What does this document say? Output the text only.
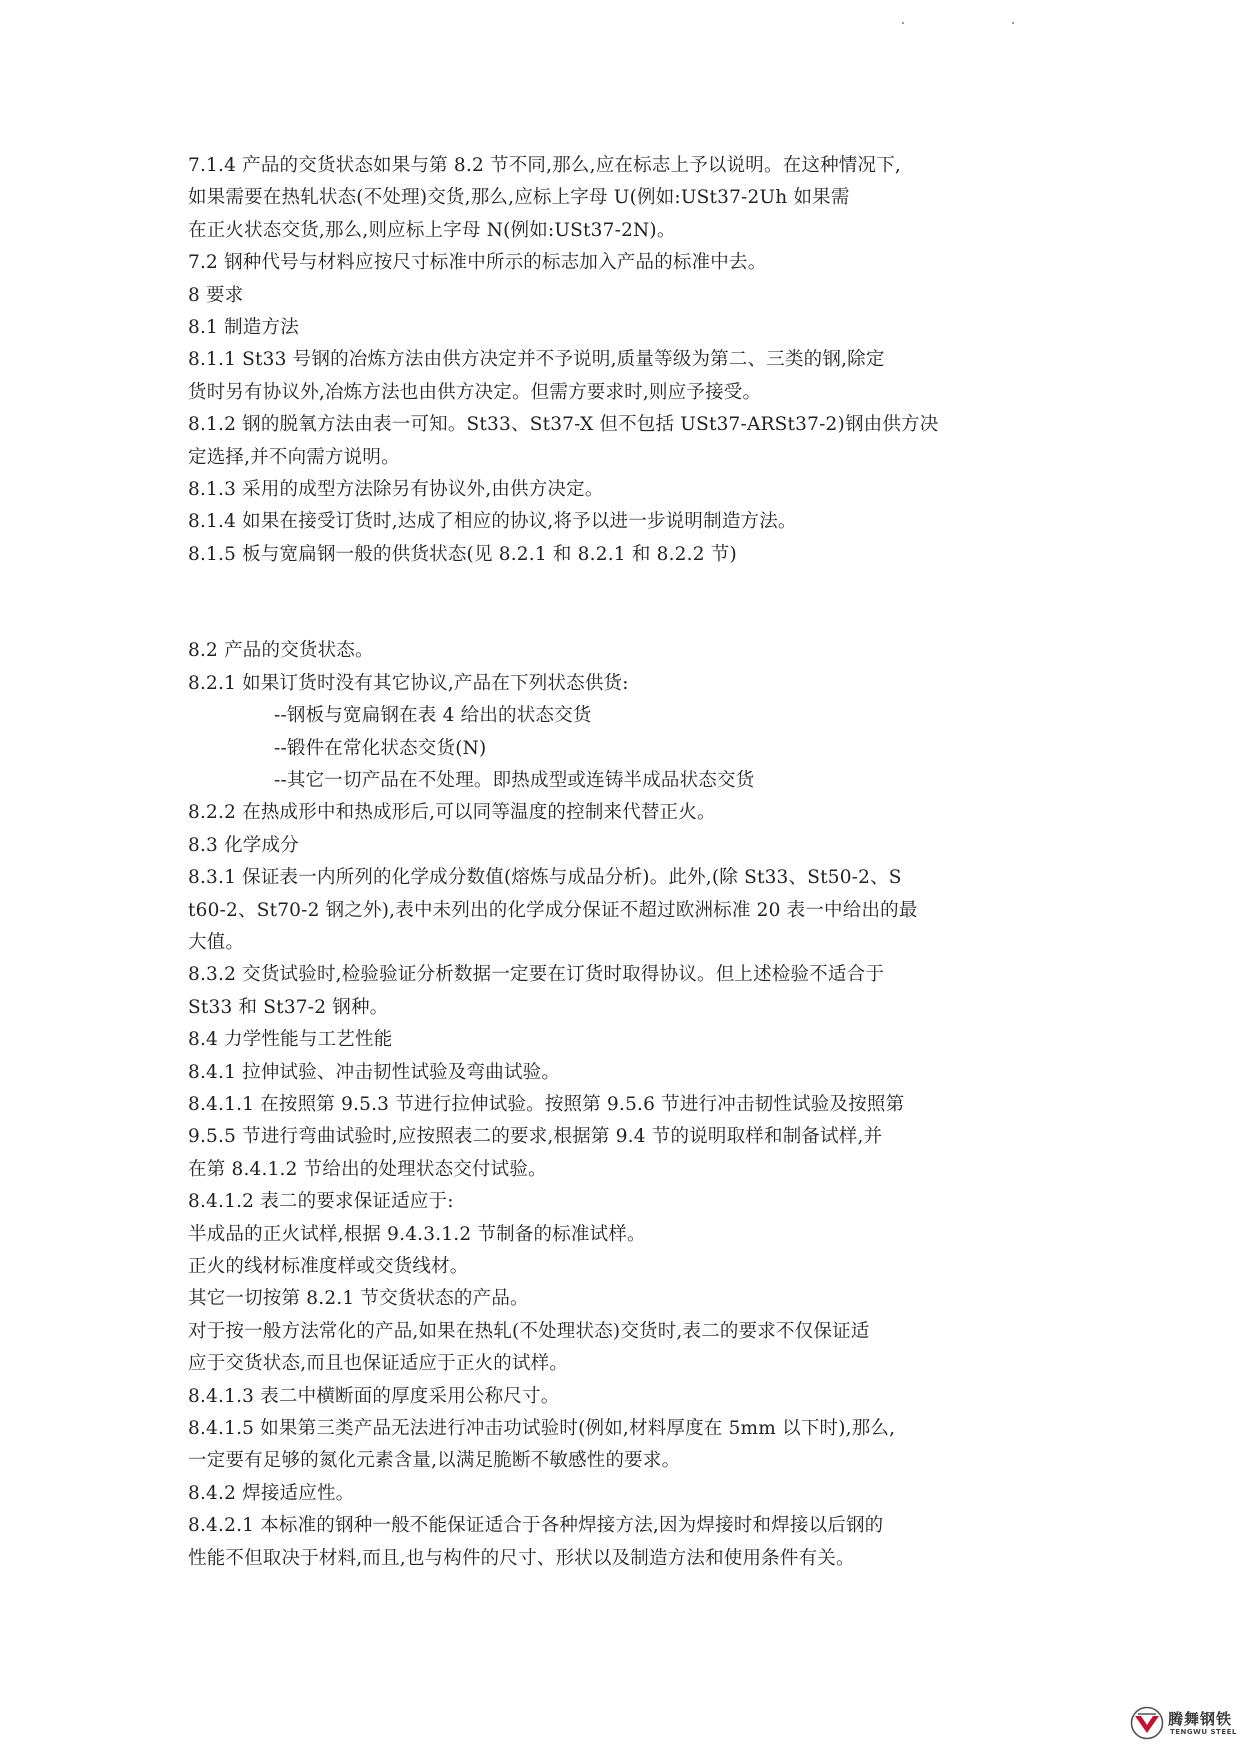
7.1.4 产品的交货状态如果与第 8.2 节不同,那么,应在标志上予以说明。在这种情况下,
如果需要在热轧状态(不处理)交货,那么,应标上字母 U(例如:USt37-2Uh 如果需
在正火状态交货,那么,则应标上字母 N(例如:USt37-2N)。
7.2 钢种代号与材料应按尺寸标准中所示的标志加入产品的标准中去。
8 要求
8.1 制造方法
8.1.1 St33 号钢的冶炼方法由供方决定并不予说明,质量等级为第二、三类的钢,除定
货时另有协议外,冶炼方法也由供方决定。但需方要求时,则应予接受。
8.1.2 钢的脱氧方法由表一可知。St33、St37-X 但不包括 USt37-ARSt37-2)钢由供方决
定选择,并不向需方说明。
8.1.3 采用的成型方法除另有协议外,由供方决定。
8.1.4 如果在接受订货时,达成了相应的协议,将予以进一步说明制造方法。
8.1.5 板与宽扁钢一般的供货状态(见 8.2.1 和 8.2.1 和 8.2.2 节)
8.2 产品的交货状态。
8.2.1 如果订货时没有其它协议,产品在下列状态供货:
--钢板与宽扁钢在表 4 给出的状态交货
--锻件在常化状态交货(N)
--其它一切产品在不处理。即热成型或连铸半成品状态交货
8.2.2 在热成形中和热成形后,可以同等温度的控制来代替正火。
8.3 化学成分
8.3.1 保证表一内所列的化学成分数值(熔炼与成品分析)。此外,(除 St33、St50-2、S
t60-2、St70-2 钢之外),表中未列出的化学成分保证不超过欧洲标准 20 表一中给出的最
大值。
8.3.2 交货试验时,检验验证分析数据一定要在订货时取得协议。但上述检验不适合于
St33 和 St37-2 钢种。
8.4 力学性能与工艺性能
8.4.1 拉伸试验、冲击韧性试验及弯曲试验。
8.4.1.1 在按照第 9.5.3 节进行拉伸试验。按照第 9.5.6 节进行冲击韧性试验及按照第
9.5.5 节进行弯曲试验时,应按照表二的要求,根据第 9.4 节的说明取样和制备试样,并
在第 8.4.1.2 节给出的处理状态交付试验。
8.4.1.2 表二的要求保证适应于:
半成品的正火试样,根据 9.4.3.1.2 节制备的标准试样。
正火的线材标准度样或交货线材。
其它一切按第 8.2.1 节交货状态的产品。
对于按一般方法常化的产品,如果在热轧(不处理状态)交货时,表二的要求不仅保证适
应于交货状态,而且也保证适应于正火的试样。
8.4.1.3 表二中横断面的厚度采用公称尺寸。
8.4.1.5 如果第三类产品无法进行冲击功试验时(例如,材料厚度在 5mm 以下时),那么,
一定要有足够的氮化元素含量,以满足脆断不敏感性的要求。
8.4.2 焊接适应性。
8.4.2.1 本标准的钢种一般不能保证适合于各种焊接方法,因为焊接时和焊接以后钢的
性能不但取决于材料,而且,也与构件的尺寸、形状以及制造方法和使用条件有关。
腾舞钢铁
TENGWU STEEL
